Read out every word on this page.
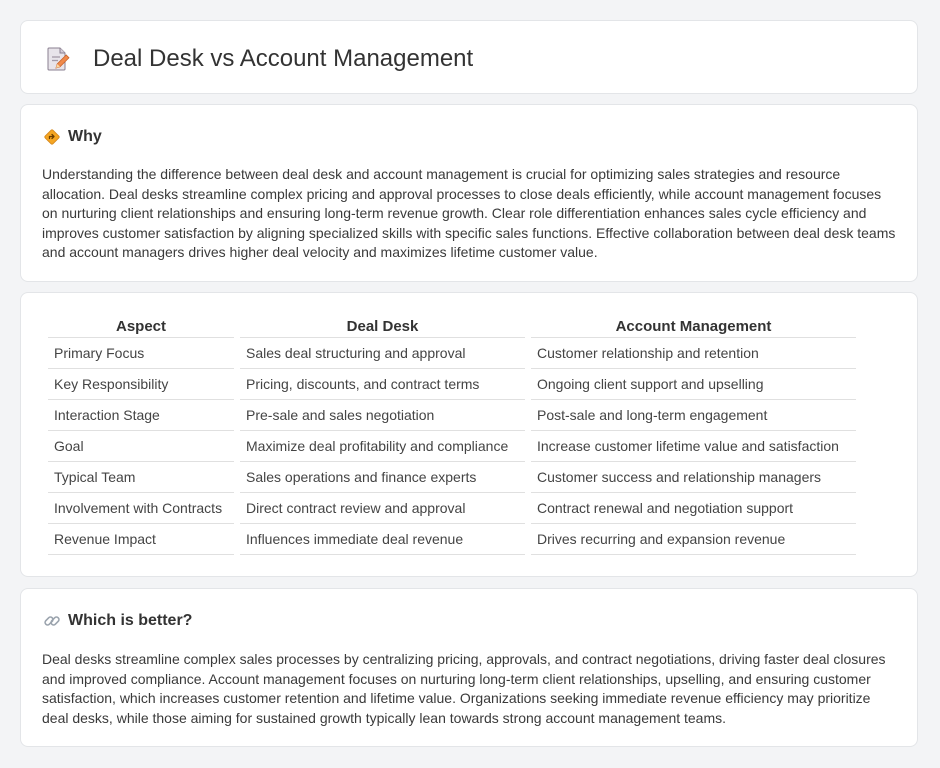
Deal Desk vs Account Management
Why

Understanding the difference between deal desk and account management is crucial for optimizing sales strategies and resource allocation. Deal desks streamline complex pricing and approval processes to close deals efficiently, while account management focuses on nurturing client relationships and ensuring long-term revenue growth. Clear role differentiation enhances sales cycle efficiency and improves customer satisfaction by aligning specialized skills with specific sales functions. Effective collaboration between deal desk teams and account managers drives higher deal velocity and maximizes lifetime customer value.

Aspect	Deal Desk	Account Management
Primary Focus	Sales deal structuring and approval	Customer relationship and retention
Key Responsibility	Pricing, discounts, and contract terms	Ongoing client support and upselling
Interaction Stage	Pre-sale and sales negotiation	Post-sale and long-term engagement
Goal	Maximize deal profitability and compliance	Increase customer lifetime value and satisfaction
Typical Team	Sales operations and finance experts	Customer success and relationship managers
Involvement with Contracts	Direct contract review and approval	Contract renewal and negotiation support
Revenue Impact	Influences immediate deal revenue	Drives recurring and expansion revenue
Which is better?

Deal desks streamline complex sales processes by centralizing pricing, approvals, and contract negotiations, driving faster deal closures and improved compliance. Account management focuses on nurturing long-term client relationships, upselling, and ensuring customer satisfaction, which increases customer retention and lifetime value. Organizations seeking immediate revenue efficiency may prioritize deal desks, while those aiming for sustained growth typically lean towards strong account management teams.
